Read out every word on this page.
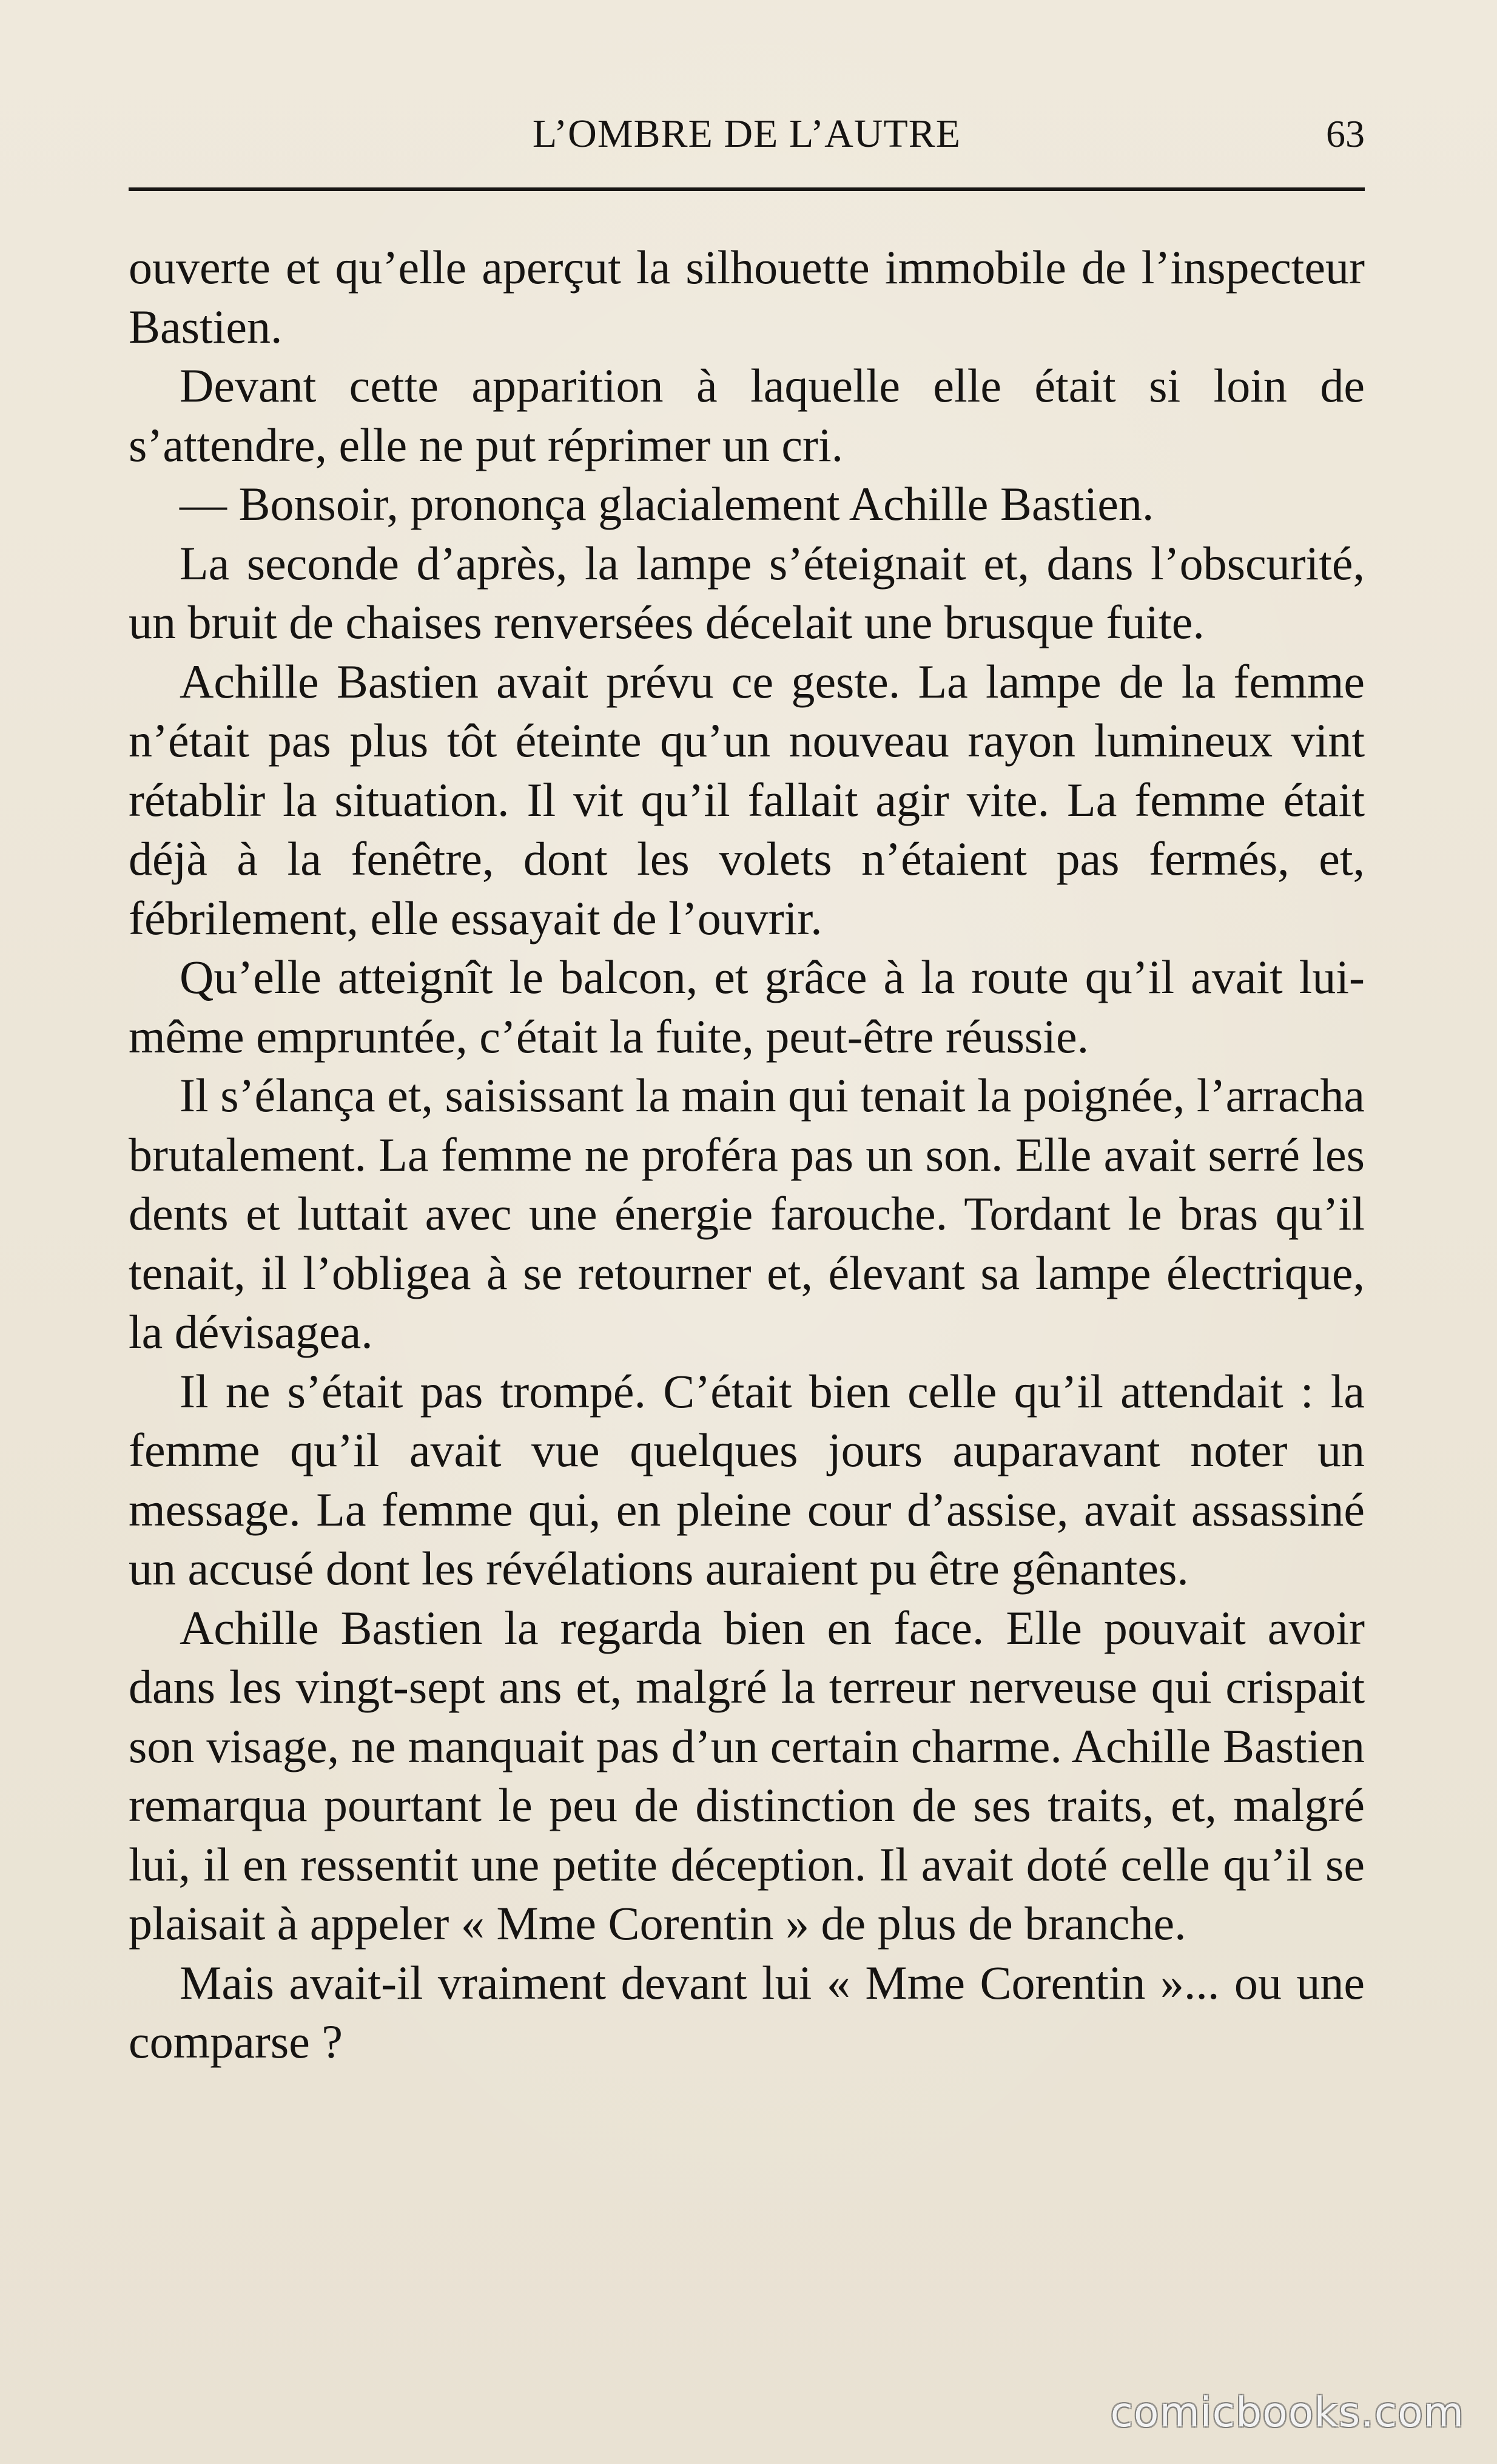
L’OMBRE DE L’AUTRE	63

ouverte et qu’elle aperçut la silhouette immobile de l’inspecteur Bastien.

Devant cette apparition à laquelle elle était si loin de s’attendre, elle ne put réprimer un cri.

— Bonsoir, prononça glacialement Achille Bastien.

La seconde d’après, la lampe s’éteignait et, dans l’obscurité, un bruit de chaises renversées décelait une brusque fuite.

Achille Bastien avait prévu ce geste. La lampe de la femme n’était pas plus tôt éteinte qu’un nouveau rayon lumineux vint rétablir la situation. Il vit qu’il fallait agir vite. La femme était déjà à la fenêtre, dont les volets n’étaient pas fermés, et, fébrilement, elle essayait de l’ouvrir.

Qu’elle atteignît le balcon, et grâce à la route qu’il avait lui-même empruntée, c’était la fuite, peut-être réussie.

Il s’élança et, saisissant la main qui tenait la poignée, l’arracha brutalement. La femme ne proféra pas un son. Elle avait serré les dents et luttait avec une énergie farouche. Tordant le bras qu’il tenait, il l’obligea à se retourner et, élevant sa lampe électrique, la dévisagea.

Il ne s’était pas trompé. C’était bien celle qu’il attendait : la femme qu’il avait vue quelques jours auparavant noter un message. La femme qui, en pleine cour d’assise, avait assassiné un accusé dont les révélations auraient pu être gênantes.

Achille Bastien la regarda bien en face. Elle pouvait avoir dans les vingt-sept ans et, malgré la terreur nerveuse qui crispait son visage, ne manquait pas d’un certain charme. Achille Bastien remarqua pourtant le peu de distinction de ses traits, et, malgré lui, il en ressentit une petite déception. Il avait doté celle qu’il se plaisait à appeler « Mme Corentin » de plus de branche.

Mais avait-il vraiment devant lui « Mme Corentin »... ou une comparse ?

comicbooks.com
